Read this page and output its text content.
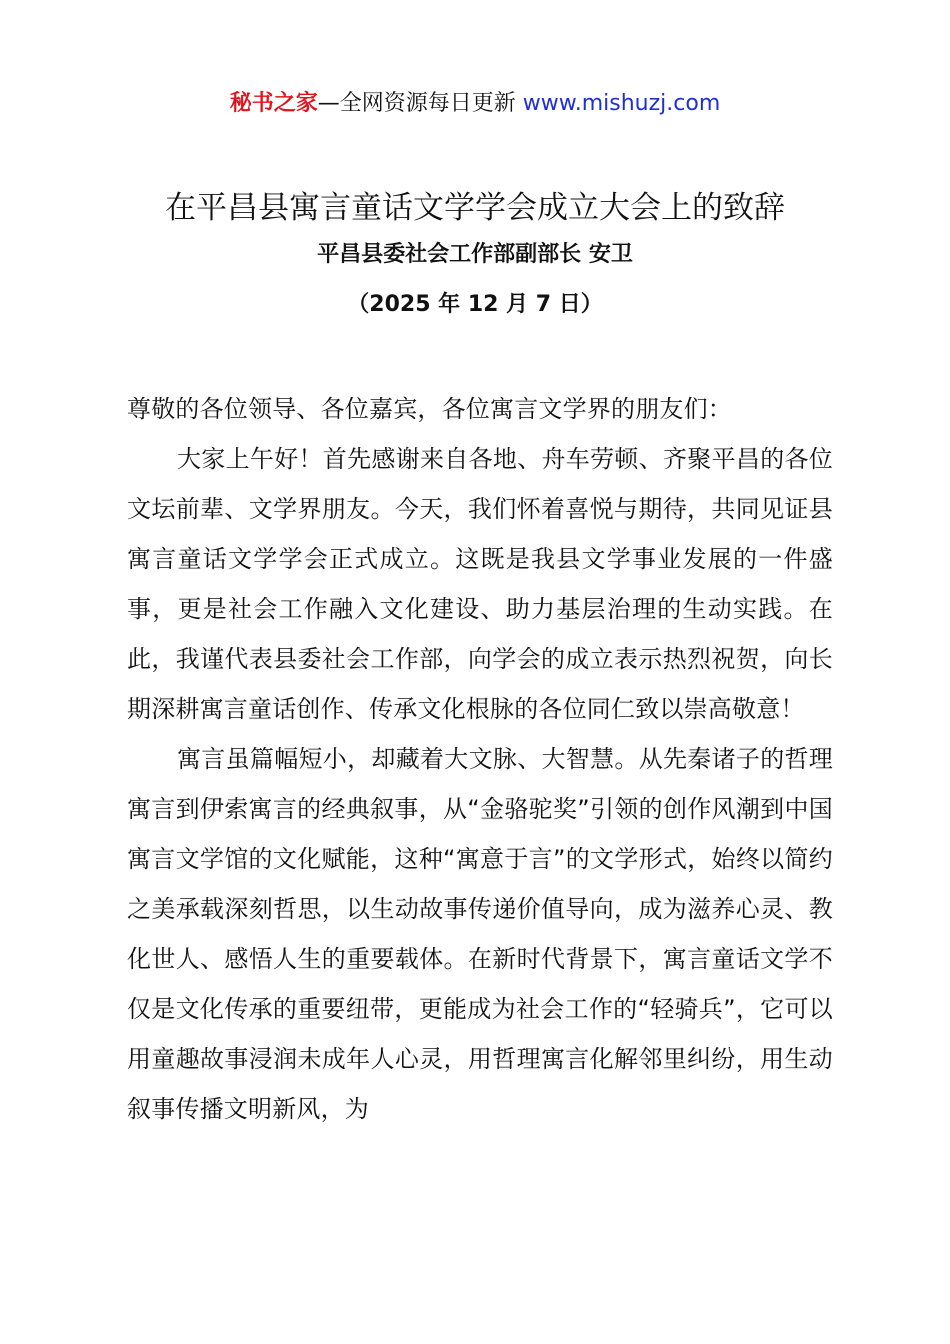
秘书之家—全网资源每日更新 www.mishuzj.com
在平昌县寓言童话文学学会成立大会上的致辞
平昌县委社会工作部副部长 安卫
（2025 年 12 月 7 日）

尊敬的各位领导、各位嘉宾，各位寓言文学界的朋友们：

大家上午好！首先感谢来自各地、舟车劳顿、齐聚平昌的各位文坛前辈、文学界朋友。今天，我们怀着喜悦与期待，共同见证县寓言童话文学学会正式成立。这既是我县文学事业发展的一件盛事，更是社会工作融入文化建设、助力基层治理的生动实践。在此，我谨代表县委社会工作部，向学会的成立表示热烈祝贺，向长期深耕寓言童话创作、传承文化根脉的各位同仁致以崇高敬意！

寓言虽篇幅短小，却藏着大文脉、大智慧。从先秦诸子的哲理寓言到伊索寓言的经典叙事，从“金骆驼奖”引领的创作风潮到中国寓言文学馆的文化赋能，这种“寓意于言”的文学形式，始终以简约之美承载深刻哲思，以生动故事传递价值导向，成为滋养心灵、教化世人、感悟人生的重要载体。在新时代背景下，寓言童话文学不仅是文化传承的重要纽带，更能成为社会工作的“轻骑兵”，它可以用童趣故事浸润未成年人心灵，用哲理寓言化解邻里纠纷，用生动叙事传播文明新风，为
